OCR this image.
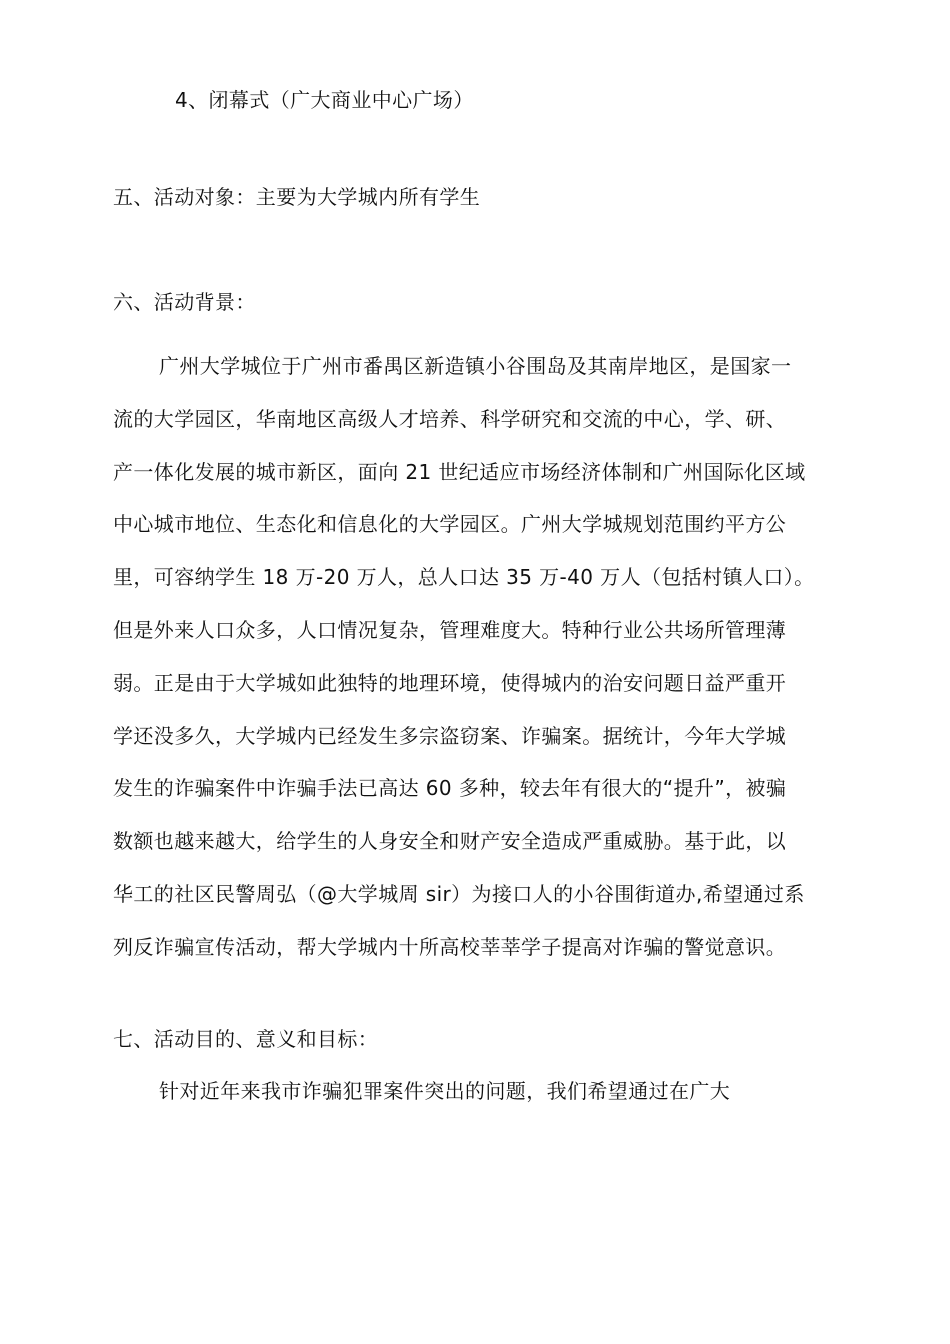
4、闭幕式（广大商业中心广场）
五、活动对象：主要为大学城内所有学生
六、活动背景：
广州大学城位于广州市番禺区新造镇小谷围岛及其南岸地区，是国家一
流的大学园区，华南地区高级人才培养、科学研究和交流的中心，学、研、
产一体化发展的城市新区，面向 21 世纪适应市场经济体制和广州国际化区域
中心城市地位、生态化和信息化的大学园区。广州大学城规划范围约平方公
里，可容纳学生 18 万-20 万人，总人口达 35 万-40 万人（包括村镇人口）。
但是外来人口众多，人口情况复杂，管理难度大。特种行业公共场所管理薄
弱。正是由于大学城如此独特的地理环境，使得城内的治安问题日益严重开
学还没多久，大学城内已经发生多宗盗窃案、诈骗案。据统计，今年大学城
发生的诈骗案件中诈骗手法已高达 60 多种，较去年有很大的“提升”，被骗
数额也越来越大，给学生的人身安全和财产安全造成严重威胁。基于此，以
华工的社区民警周弘（@大学城周 sir）为接口人的小谷围街道办,希望通过系
列反诈骗宣传活动，帮大学城内十所高校莘莘学子提高对诈骗的警觉意识。
七、活动目的、意义和目标：
针对近年来我市诈骗犯罪案件突出的问题，我们希望通过在广大
